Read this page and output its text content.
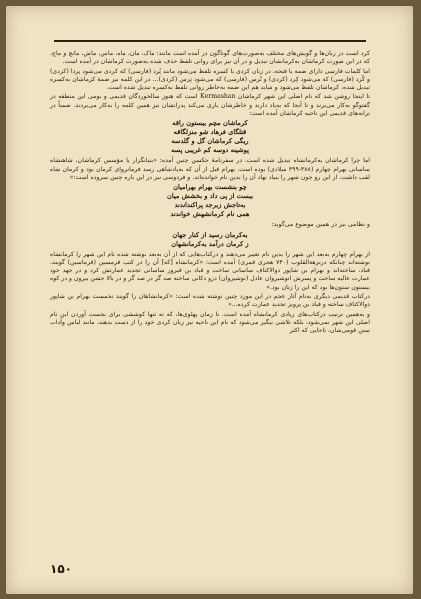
کرد است در زبان‌ها و گویش‌های مختلف به‌صورت‌های گوناگون در آمده است مانند: ماک، مان، ماه، ماس، ماش، مانچ و ماچ، که در این صورت کرماشان به‌کرمانشان تبدیل و در آن نیز برای روانی تلفظ حذف شده به‌صورت کرماشان در آمده است.

اما کلمات فارسی دارای ضمه یا فتحه، در زبان کردی با کسره تلفظ می‌شود مانند پُرد (فارسی) که کردی می‌شود پردا (کردی) و کُرد (فارسی) که می‌شود کِرد (کردی) و تُرس (فارسی) که می‌شود تِرس (کردی)... در این کلمه نیز ضمهٔ کرماشان به‌کسره تبدیل شده، کرماشان تلفظ می‌شود و شاید هم این ضمه به‌خاطر روانی تلفظ به‌کسره تبدیل شده است.

تا اینجا روشن شد که نام اصلی این شهر کرماشان Kermashan است که هنوز سالخوردگان قدیمی و بومی این منطقه در گفتوگو به‌کار می‌برند و تا آنجا که به‌یاد دارند و خاطرشان یاری می‌کند پدرانشان نیز همین کلمه را به‌کار می‌بردند. ضمناً در ترانه‌های قدیمی این ناحیه کرماشان آمده است:

کرماشان مچم بیستون راقه
قتلگای فرهاد شو منزلگاقه
ریگی کرماشان گل و گلدسه
پوشینه دوسه کم غریبی پسه

اما چرا کرماشان به‌کرمانشاه تبدیل شده است. در سفرنامهٔ جکسن چنین آمده: «بنیانگزار یا مؤسس کرماشان، شاهنشاه ساسانی بهرام چهارم (۳۸۸-۳۹۹ میلادی) بوده است. بهرام قبل از آن که به‌پادشاهی رسد فرمانروای کرمان بود و کرمان شاه لقب داشت. از این رو چون شهر را بنیاد نهاد آن را بدین نام خوانده‌اند. و فردوسی نیز در این باره چنین سروده است:»

چو بنشست بهرام بهرامیان
ببست از پی داد و بخشش میان
به‌تاجش زبرجد پراکنداندند
همی نام کرمانشهش خواندند

و نظامی نیز در همین موضوع می‌گوید:

به‌کرمان رسید از کنار جهان
ز کرمان درآمد به‌کرمانشهان

از بهرام چهارم به‌بعد این شهر را بدین نام تغییر می‌دهند و درکتاب‌هایی که از آن به‌بعد نوشته شده نام این شهر را کرمانشاه نوشته‌اند چنانکه درنزهةالقلوب (۷۴۰ هجری قمری) آمده است: «کرمانشاه [که] آن را در کتب قرمسین (قرماسین) گویند، قباد، ساخته‌اند و بهرام بن شاپور ذوالاکتاف ساسانی ساخت و قباد بن فیروز ساسانی تجدید عمارتش کرد و در جهد خود عمارت عالیه ساخت و پسرش انوشیروان عادل (نوشیروان) درو دکانی ساخته صد گز در صد گز و در بالا جشن بیرون و در کوه بیستون ستون‌ها بود که این را زنان بود.»

درکتاب قدیمی دیگری به‌نام آثار عجم در این مورد چنین نوشته شده است: «کرمانشاهان را گویند تخمست بهرام بن شاپور ذوالاکتاف ساخته و قباد بن پرویز تجدید عمارت کرده...»

و به‌همین ترتیب درکتاب‌های زیادی کرمانشاه آمده است. تا زمان پهلوی‌ها، که نه تنها کوششی برای بجست آوردن این نام اصلی این شهر نمی‌شود، بلکه تلاشی بیگیر می‌شود که نام این ناحیه نیز زبان کردی خود را از دست بدهند، مانند لباس وآداب سنن قومی‌شان، تاجایی که اکثر

۱۵۰
